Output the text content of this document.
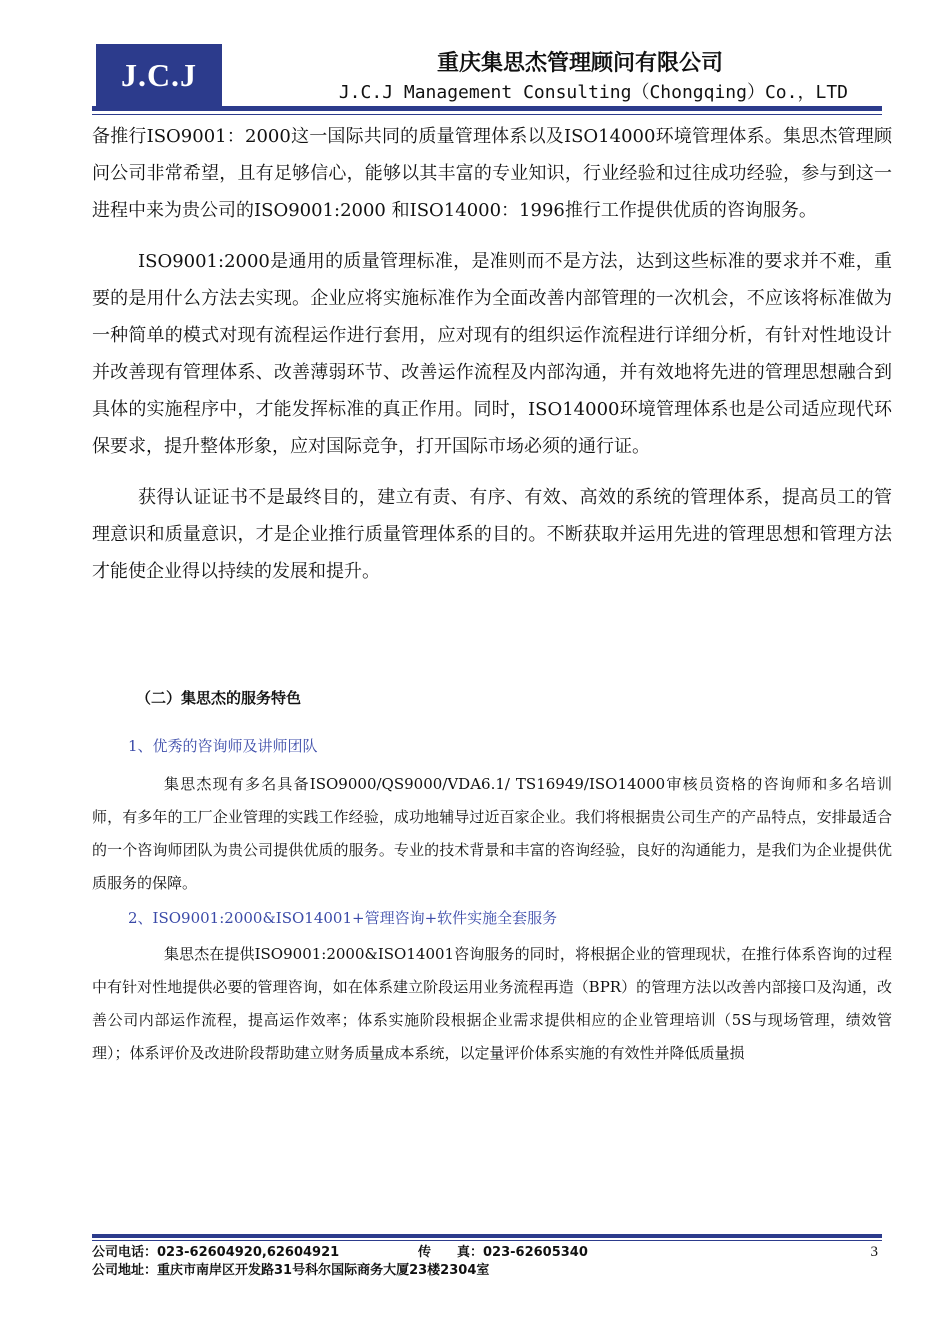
J.C.J	重庆集思杰管理顾问有限公司
J.C.J Management Consulting（Chongqing）Co.，LTD

备推行ISO9001：2000这一国际共同的质量管理体系以及ISO14000环境管理体系。集思杰管理顾问公司非常希望，且有足够信心，能够以其丰富的专业知识，行业经验和过往成功经验，参与到这一进程中来为贵公司的ISO9001:2000 和ISO14000：1996推行工作提供优质的咨询服务。

ISO9001:2000是通用的质量管理标准，是准则而不是方法，达到这些标准的要求并不难，重要的是用什么方法去实现。企业应将实施标准作为全面改善内部管理的一次机会，不应该将标准做为一种简单的模式对现有流程运作进行套用，应对现有的组织运作流程进行详细分析，有针对性地设计并改善现有管理体系、改善薄弱环节、改善运作流程及内部沟通，并有效地将先进的管理思想融合到具体的实施程序中，才能发挥标准的真正作用。同时，ISO14000环境管理体系也是公司适应现代环保要求，提升整体形象，应对国际竞争，打开国际市场必须的通行证。

获得认证证书不是最终目的，建立有责、有序、有效、高效的系统的管理体系，提高员工的管理意识和质量意识，才是企业推行质量管理体系的目的。不断获取并运用先进的管理思想和管理方法才能使企业得以持续的发展和提升。

（二）集思杰的服务特色
1、优秀的咨询师及讲师团队

集思杰现有多名具备ISO9000/QS9000/VDA6.1/ TS16949/ISO14000审核员资格的咨询师和多名培训师，有多年的工厂企业管理的实践工作经验，成功地辅导过近百家企业。我们将根据贵公司生产的产品特点，安排最适合的一个咨询师团队为贵公司提供优质的服务。专业的技术背景和丰富的咨询经验，良好的沟通能力，是我们为企业提供优质服务的保障。

2、ISO9001:2000&ISO14001+管理咨询+软件实施全套服务

集思杰在提供ISO9001:2000&ISO14001咨询服务的同时，将根据企业的管理现状，在推行体系咨询的过程中有针对性地提供必要的管理咨询，如在体系建立阶段运用业务流程再造（BPR）的管理方法以改善内部接口及沟通，改善公司内部运作流程，提高运作效率；体系实施阶段根据企业需求提供相应的企业管理培训（5S与现场管理，绩效管理）；体系评价及改进阶段帮助建立财务质量成本系统，以定量评价体系实施的有效性并降低质量损

公司电话：023-62604920,62604921	传　　真：023-62605340
公司地址：重庆市南岸区开发路31号科尔国际商务大厦23楼2304室
3
